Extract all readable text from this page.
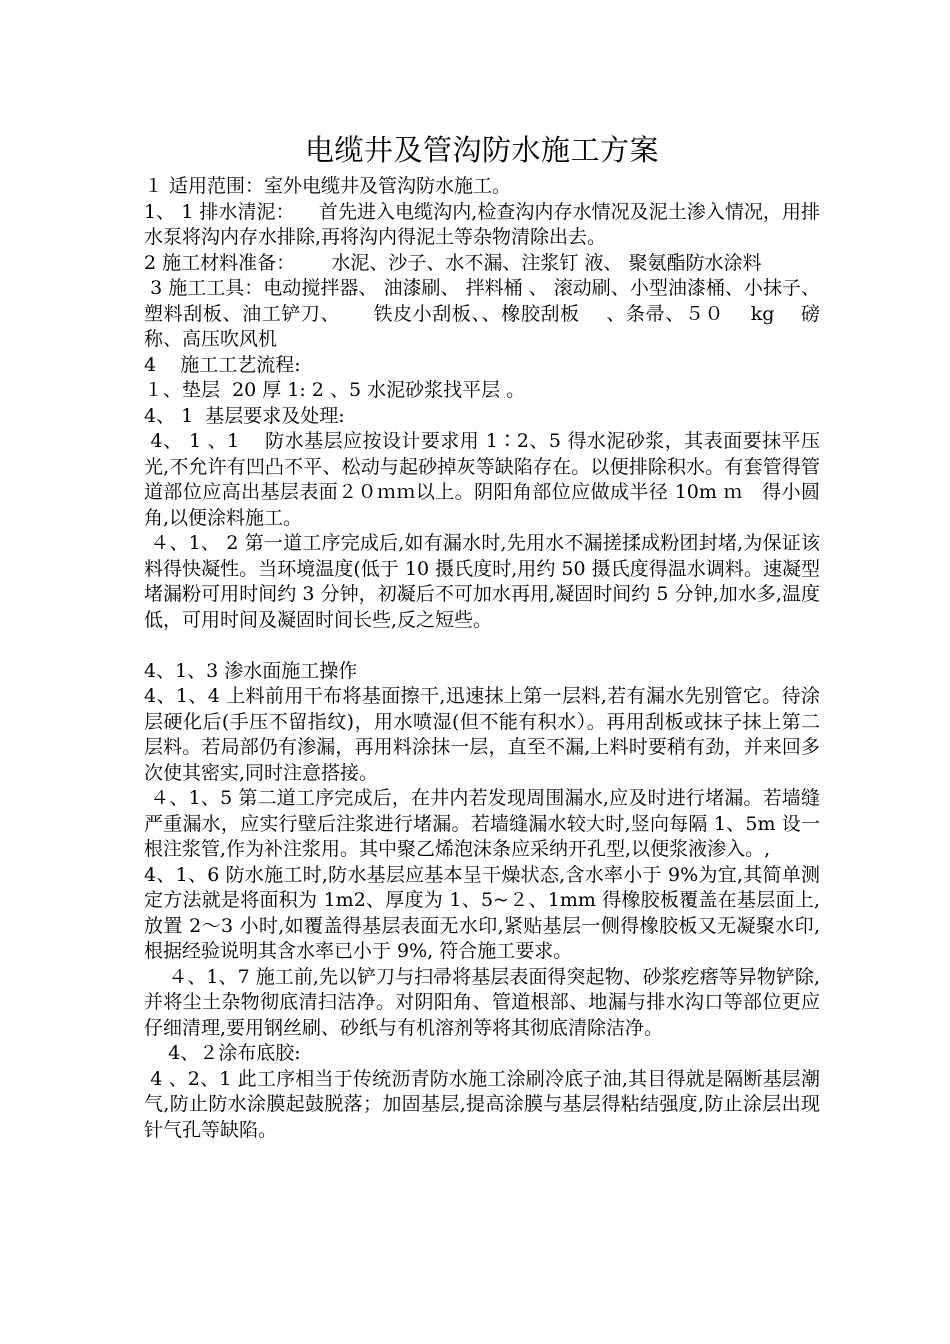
电缆井及管沟防水施工方案

１ 适用范围：室外电缆井及管沟防水施工。

1、 1 排水清泥：    首先进入电缆沟内,检查沟内存水情况及泥土渗入情况，用排水泵将沟内存水排除,再将沟内得泥土等杂物清除出去。

2 施工材料准备：      水泥、沙子、水不漏、注浆钉 液、 聚氨酯防水涂料

3 施工工具：电动搅拌器、 油漆刷、 拌料桶 、 滚动刷、小型油漆桶、小抹子、塑料刮板、油工铲刀、     铁皮小刮板、、橡胶刮板    、条帚、５０    kg    磅称、高压吹风机

4    施工工艺流程:

１、垫层  20 厚 1: 2 、5 水泥砂浆找平层 。

4、 1  基层要求及处理:

4、 1 、1    防水基层应按设计要求用 1∶2、5 得水泥砂浆，其表面要抹平压光,不允许有凹凸不平、松动与起砂掉灰等缺陷存在。以便排除积水。有套管得管道部位应高出基层表面２０ｍｍ以上。阴阳角部位应做成半径 10m ｍ   得小圆角,以便涂料施工。

４、1、 2 第一道工序完成后,如有漏水时,先用水不漏搓揉成粉团封堵,为保证该料得快凝性。当环境温度(低于 10 摄氏度时,用约 50 摄氏度得温水调料。速凝型堵漏粉可用时间约 3 分钟，初凝后不可加水再用,凝固时间约 5 分钟,加水多,温度低，可用时间及凝固时间长些,反之短些。

4、1、3 渗水面施工操作

4、1、4 上料前用干布将基面擦干,迅速抹上第一层料,若有漏水先别管它。待涂层硬化后(手压不留指纹)，用水喷湿(但不能有积水）。再用刮板或抹子抹上第二层料。若局部仍有渗漏，再用料涂抹一层，直至不漏,上料时要稍有劲，并来回多次使其密实,同时注意搭接。

４、1、5 第二道工序完成后，在井内若发现周围漏水,应及时进行堵漏。若墙缝严重漏水，应实行壁后注浆进行堵漏。若墙缝漏水较大时,竖向每隔 1、5m 设一根注浆管,作为补注浆用。其中聚乙烯泡沫条应采纳开孔型,以便浆液渗入。,

4、1、6 防水施工时,防水基层应基本呈干燥状态,含水率小于 9%为宜,其简单测定方法就是将面积为 1m2、厚度为 1、5~２、1mm 得橡胶板覆盖在基层面上,放置 2～3 小时,如覆盖得基层表面无水印,紧贴基层一侧得橡胶板又无凝聚水印,根据经验说明其含水率已小于 9%, 符合施工要求。

４、1、7 施工前,先以铲刀与扫帚将基层表面得突起物、砂浆疙瘩等异物铲除,并将尘土杂物彻底清扫洁净。对阴阳角、管道根部、地漏与排水沟口等部位更应仔细清理,要用钢丝刷、砂纸与有机溶剂等将其彻底清除洁净。

4、２涂布底胶:

4 、2、1 此工序相当于传统沥青防水施工涂刷冷底子油,其目得就是隔断基层潮气,防止防水涂膜起鼓脱落；加固基层,提高涂膜与基层得粘结强度,防止涂层出现针气孔等缺陷。
